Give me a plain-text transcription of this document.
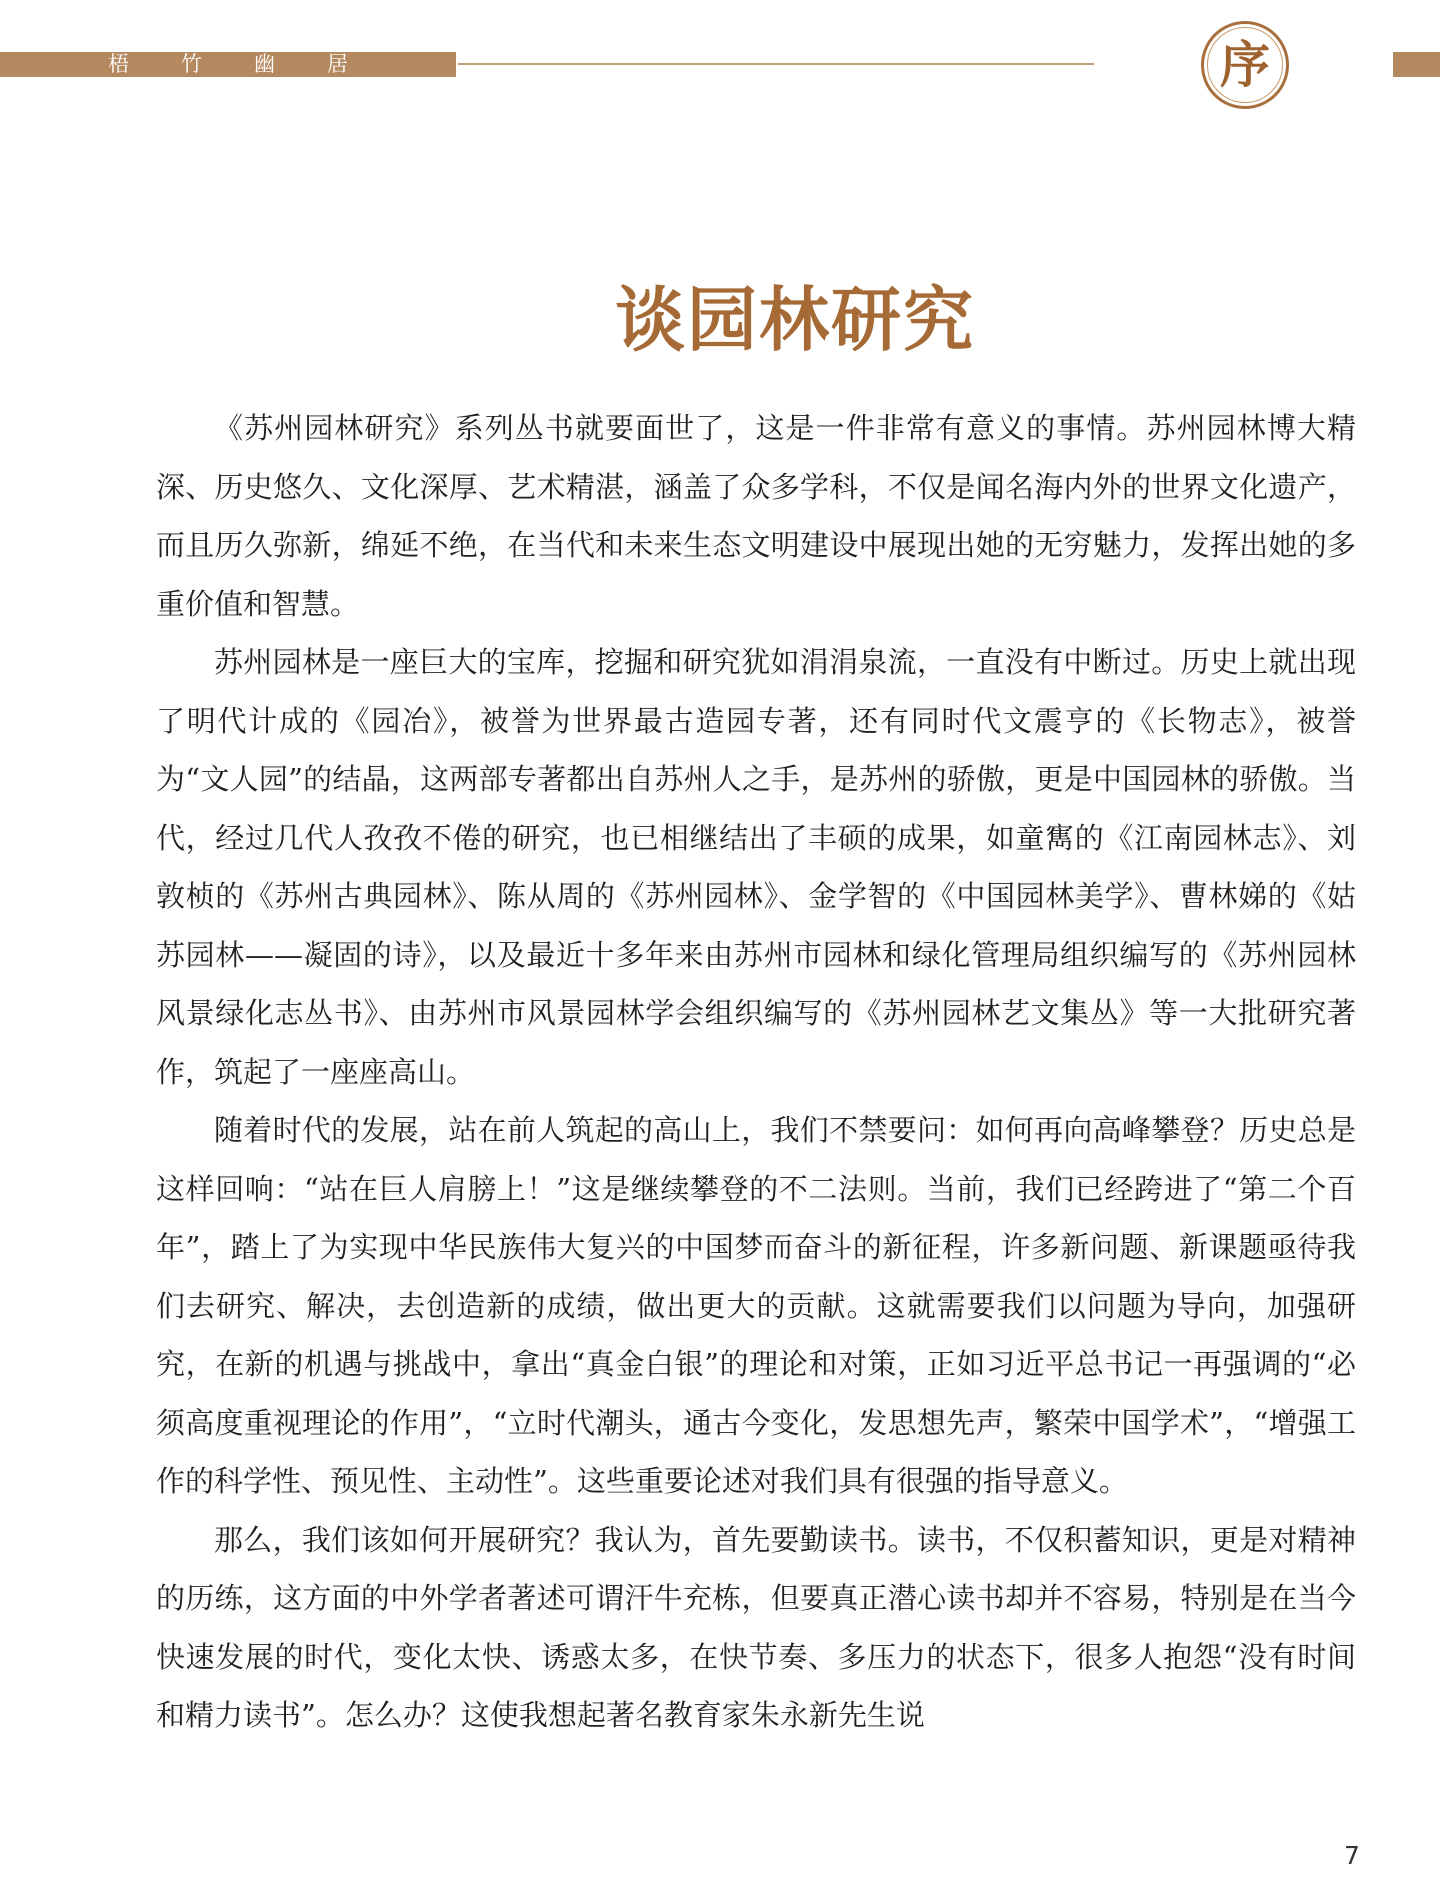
梧 竹 幽 居	序
谈园林研究

《苏州园林研究》系列丛书就要面世了，这是一件非常有意义的事情。苏州园林博大精深、历史悠久、文化深厚、艺术精湛，涵盖了众多学科，不仅是闻名海内外的世界文化遗产，而且历久弥新，绵延不绝，在当代和未来生态文明建设中展现出她的无穷魅力，发挥出她的多重价值和智慧。

苏州园林是一座巨大的宝库，挖掘和研究犹如涓涓泉流，一直没有中断过。历史上就出现了明代计成的《园冶》，被誉为世界最古造园专著，还有同时代文震亨的《长物志》，被誉为“文人园”的结晶，这两部专著都出自苏州人之手，是苏州的骄傲，更是中国园林的骄傲。当代，经过几代人孜孜不倦的研究，也已相继结出了丰硕的成果，如童寯的《江南园林志》、刘敦桢的《苏州古典园林》、陈从周的《苏州园林》、金学智的《中国园林美学》、曹林娣的《姑苏园林——凝固的诗》，以及最近十多年来由苏州市园林和绿化管理局组织编写的《苏州园林风景绿化志丛书》、由苏州市风景园林学会组织编写的《苏州园林艺文集丛》等一大批研究著作，筑起了一座座高山。

随着时代的发展，站在前人筑起的高山上，我们不禁要问：如何再向高峰攀登？历史总是这样回响：“站在巨人肩膀上！”这是继续攀登的不二法则。当前，我们已经跨进了“第二个百年”，踏上了为实现中华民族伟大复兴的中国梦而奋斗的新征程，许多新问题、新课题亟待我们去研究、解决，去创造新的成绩，做出更大的贡献。这就需要我们以问题为导向，加强研究，在新的机遇与挑战中，拿出“真金白银”的理论和对策，正如习近平总书记一再强调的“必须高度重视理论的作用”，“立时代潮头，通古今变化，发思想先声，繁荣中国学术”，“增强工作的科学性、预见性、主动性”。这些重要论述对我们具有很强的指导意义。

那么，我们该如何开展研究？我认为，首先要勤读书。读书，不仅积蓄知识，更是对精神的历练，这方面的中外学者著述可谓汗牛充栋，但要真正潜心读书却并不容易，特别是在当今快速发展的时代，变化太快、诱惑太多，在快节奏、多压力的状态下，很多人抱怨“没有时间和精力读书”。怎么办？这使我想起著名教育家朱永新先生说

7
